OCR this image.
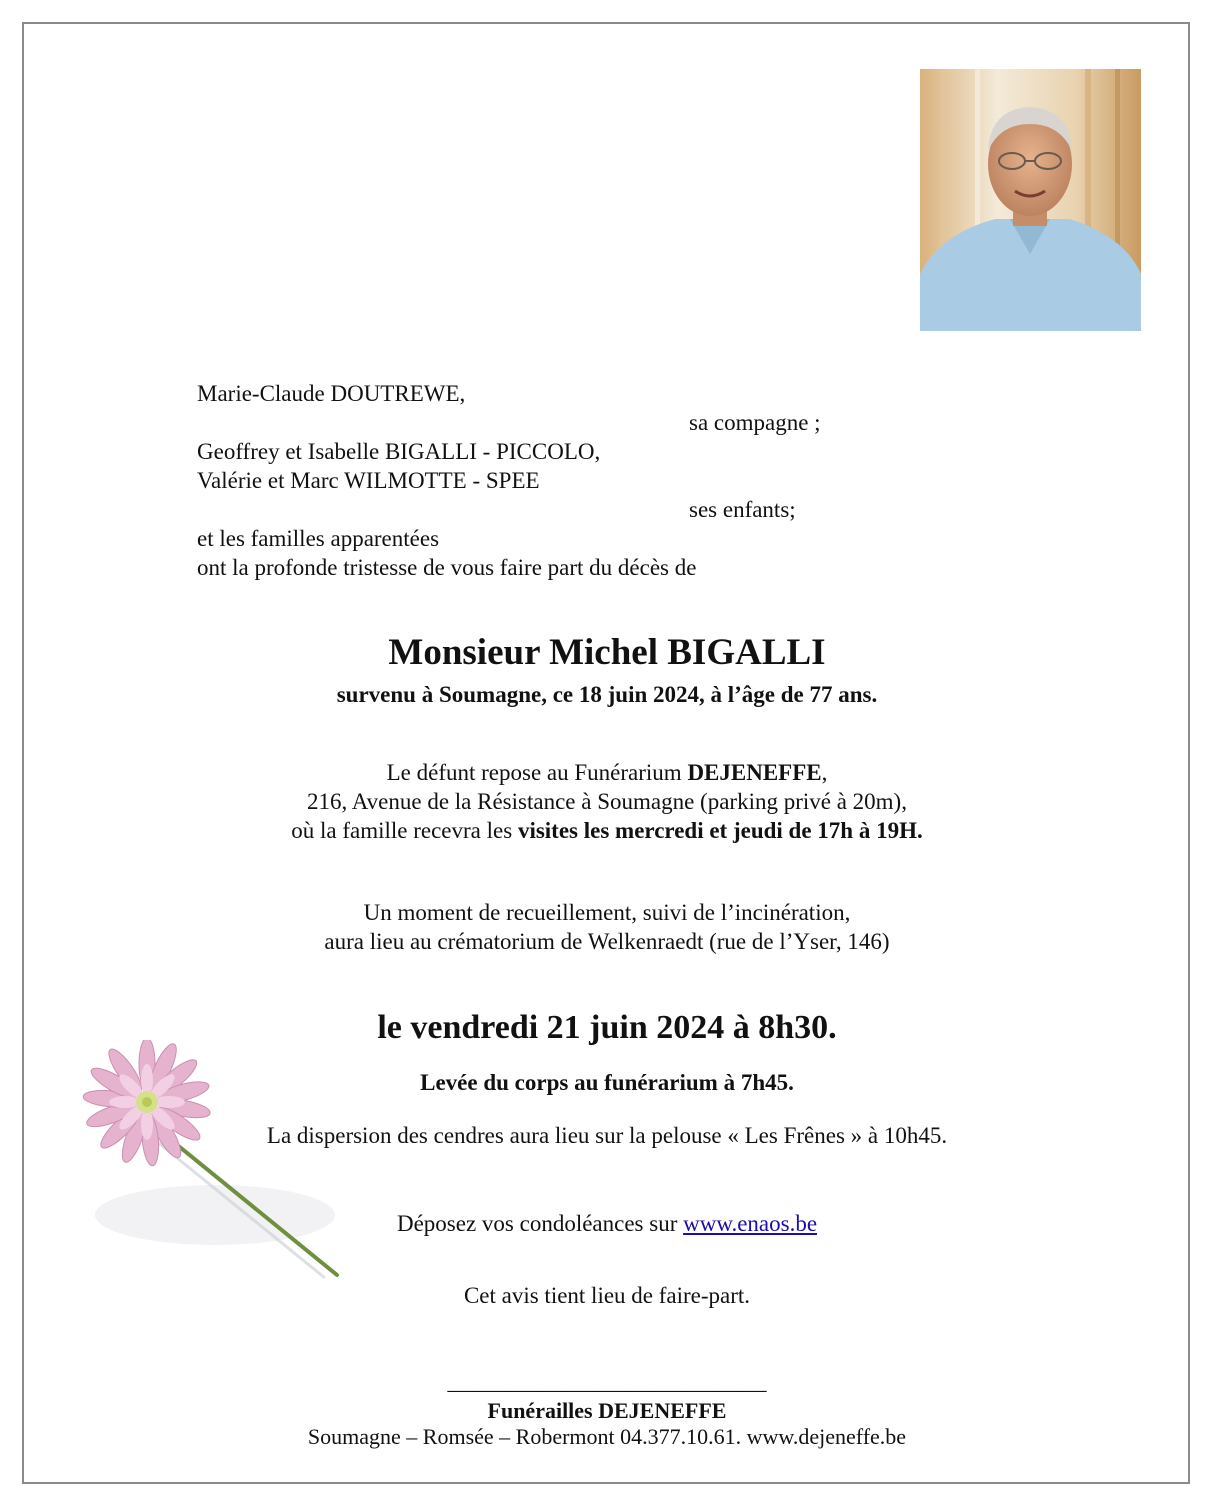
Marie-Claude DOUTREWE,
sa compagne ;
Geoffrey et Isabelle BIGALLI - PICCOLO,
Valérie et Marc WILMOTTE - SPEE
ses enfants;
et les familles apparentées
ont la profonde tristesse de vous faire part du décès de
Monsieur Michel BIGALLI
survenu à Soumagne, ce 18 juin 2024, à l’âge de 77 ans.
Le défunt repose au Funérarium DEJENEFFE,
216, Avenue de la Résistance à Soumagne (parking privé à 20m),
où la famille recevra les visites les mercredi et jeudi de 17h à 19H.
Un moment de recueillement, suivi de l’incinération,
aura lieu au crématorium de Welkenraedt (rue de l’Yser, 146)
le vendredi 21 juin 2024 à 8h30.
Levée du corps au funérarium à 7h45.
La dispersion des cendres aura lieu sur la pelouse « Les Frênes » à 10h45.
Déposez vos condoléances sur www.enaos.be
Cet avis tient lieu de faire-part.
_____________________________
Funérailles DEJENEFFE
Soumagne – Romsée – Robermont 04.377.10.61. www.dejeneffe.be
